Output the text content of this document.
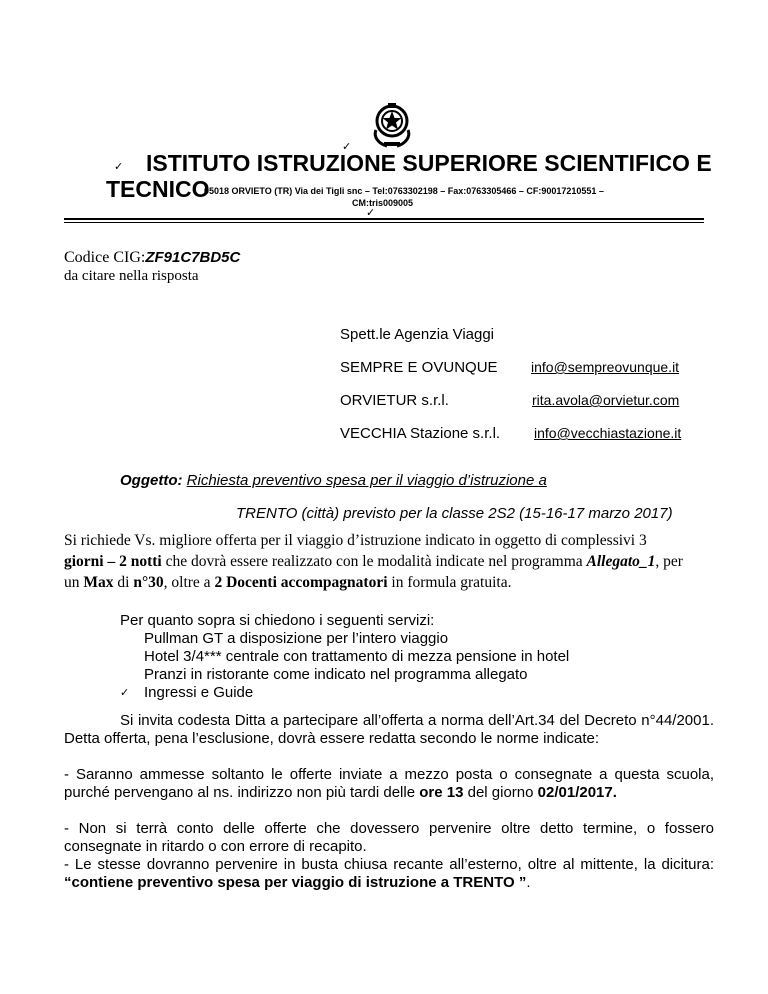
✓
✓ ISTITUTO ISTRUZIONE SUPERIORE SCIENTIFICO E
TECNICO
05018 ORVIETO (TR) Via dei Tigli snc – Tel:0763302198 – Fax:0763305466 – CF:90017210551 –
CM:tris009005
✓
Codice CIG:ZF91C7BD5C
da citare nella risposta
Spett.le Agenzia Viaggi
SEMPRE E OVUNQUE info@sempreovunque.it
ORVIETUR s.r.l.	rita.avola@orvietur.com
VECCHIA Stazione s.r.l. info@vecchiastazione.it
Oggetto: Richiesta preventivo spesa per il viaggio d’istruzione a
TRENTO (città) previsto per la classe 2S2 (15-16-17 marzo 2017)
Si richiede Vs. migliore offerta per il viaggio d’istruzione indicato in oggetto di complessivi 3
giorni – 2 notti che dovrà essere realizzato con le modalità indicate nel programma Allegato_1, per
un Max di n°30, oltre a 2 Docenti accompagnatori in formula gratuita.
Per quanto sopra si chiedono i seguenti servizi:
Pullman GT a disposizione per l’intero viaggio
Hotel 3/4*** centrale con trattamento di mezza pensione in hotel
Pranzi in ristorante come indicato nel programma allegato
✓ Ingressi e Guide
Si invita codesta Ditta a partecipare all’offerta a norma dell’Art.34 del Decreto n°44/2001. Detta offerta, pena l’esclusione, dovrà essere redatta secondo le norme indicate:
- Saranno ammesse soltanto le offerte inviate a mezzo posta o consegnate a questa scuola, purché pervengano al ns. indirizzo non più tardi delle ore 13 del giorno 02/01/2017.
- Non si terrà conto delle offerte che dovessero pervenire oltre detto termine, o fossero consegnate in ritardo o con errore di recapito.
- Le stesse dovranno pervenire in busta chiusa recante all’esterno, oltre al mittente, la dicitura: “contiene preventivo spesa per viaggio di istruzione a TRENTO ”.
